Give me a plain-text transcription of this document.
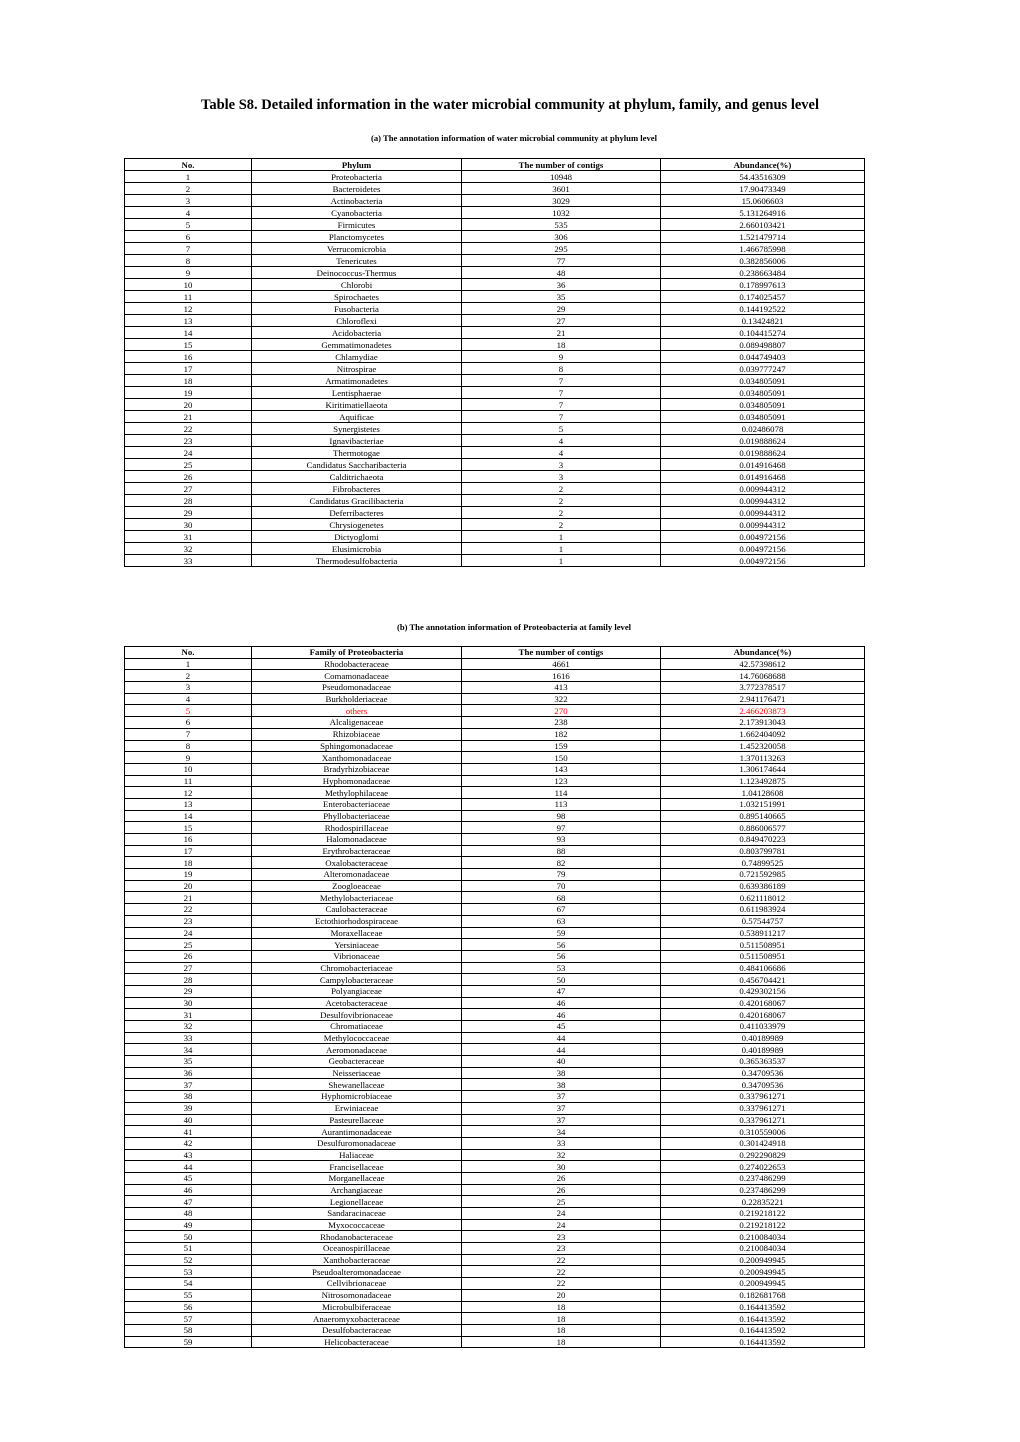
Table S8. Detailed information in the water microbial community at phylum, family, and genus level
(a) The annotation information of water microbial community at phylum level
No.	Phylum	The number of contigs	Abundance(%)
1	Proteobacteria	10948	54.43516309
2	Bacteroidetes	3601	17.90473349
3	Actinobacteria	3029	15.0606603
4	Cyanobacteria	1032	5.131264916
5	Firmicutes	535	2.660103421
6	Planctomycetes	306	1.521479714
7	Verrucomicrobia	295	1.466785998
8	Tenericutes	77	0.382856006
9	Deinococcus-Thermus	48	0.238663484
10	Chlorobi	36	0.178997613
11	Spirochaetes	35	0.174025457
12	Fusobacteria	29	0.144192522
13	Chloroflexi	27	0.13424821
14	Acidobacteria	21	0.104415274
15	Gemmatimonadetes	18	0.089498807
16	Chlamydiae	9	0.044749403
17	Nitrospirae	8	0.039777247
18	Armatimonadetes	7	0.034805091
19	Lentisphaerae	7	0.034805091
20	Kiritimatiellaeota	7	0.034805091
21	Aquificae	7	0.034805091
22	Synergistetes	5	0.02486078
23	Ignavibacteriae	4	0.019888624
24	Thermotogae	4	0.019888624
25	Candidatus Saccharibacteria	3	0.014916468
26	Calditrichaeota	3	0.014916468
27	Fibrobacteres	2	0.009944312
28	Candidatus Gracilibacteria	2	0.009944312
29	Deferribacteres	2	0.009944312
30	Chrysiogenetes	2	0.009944312
31	Dictyoglomi	1	0.004972156
32	Elusimicrobia	1	0.004972156
33	Thermodesulfobacteria	1	0.004972156
(b) The annotation information of Proteobacteria at family level
No.	Family of Proteobacteria	The number of contigs	Abundance(%)
1	Rhodobacteraceae	4661	42.57398612
2	Comamonadaceae	1616	14.76068688
3	Pseudomonadaceae	413	3.772378517
4	Burkholderiaceae	322	2.941176471
5	others	270	2.466203873
6	Alcaligenaceae	238	2.173913043
7	Rhizobiaceae	182	1.662404092
8	Sphingomonadaceae	159	1.452320058
9	Xanthomonadaceae	150	1.370113263
10	Bradyrhizobiaceae	143	1.306174644
11	Hyphomonadaceae	123	1.123492875
12	Methylophilaceae	114	1.04128608
13	Enterobacteriaceae	113	1.032151991
14	Phyllobacteriaceae	98	0.895140665
15	Rhodospirillaceae	97	0.886006577
16	Halomonadaceae	93	0.849470223
17	Erythrobacteraceae	88	0.803799781
18	Oxalobacteraceae	82	0.74899525
19	Alteromonadaceae	79	0.721592985
20	Zoogloeaceae	70	0.639386189
21	Methylobacteriaceae	68	0.621118012
22	Caulobacteraceae	67	0.611983924
23	Ectothiorhodospiraceae	63	0.57544757
24	Moraxellaceae	59	0.538911217
25	Yersiniaceae	56	0.511508951
26	Vibrionaceae	56	0.511508951
27	Chromobacteriaceae	53	0.484106686
28	Campylobacteraceae	50	0.456704421
29	Polyangiaceae	47	0.429302156
30	Acetobacteraceae	46	0.420168067
31	Desulfovibrionaceae	46	0.420168067
32	Chromatiaceae	45	0.411033979
33	Methylococcaceae	44	0.40189989
34	Aeromonadaceae	44	0.40189989
35	Geobacteraceae	40	0.365363537
36	Neisseriaceae	38	0.34709536
37	Shewanellaceae	38	0.34709536
38	Hyphomicrobiaceae	37	0.337961271
39	Erwiniaceae	37	0.337961271
40	Pasteurellaceae	37	0.337961271
41	Aurantimonadaceae	34	0.310559006
42	Desulfuromonadaceae	33	0.301424918
43	Haliaceae	32	0.292290829
44	Francisellaceae	30	0.274022653
45	Morganellaceae	26	0.237486299
46	Archangiaceae	26	0.237486299
47	Legionellaceae	25	0.22835221
48	Sandaracinaceae	24	0.219218122
49	Myxococcaceae	24	0.219218122
50	Rhodanobacteraceae	23	0.210084034
51	Oceanospirillaceae	23	0.210084034
52	Xanthobacteraceae	22	0.200949945
53	Pseudoalteromonadaceae	22	0.200949945
54	Cellvibrionaceae	22	0.200949945
55	Nitrosomonadaceae	20	0.182681768
56	Microbulbiferaceae	18	0.164413592
57	Anaeromyxobacteraceae	18	0.164413592
58	Desulfobacteraceae	18	0.164413592
59	Helicobacteraceae	18	0.164413592
